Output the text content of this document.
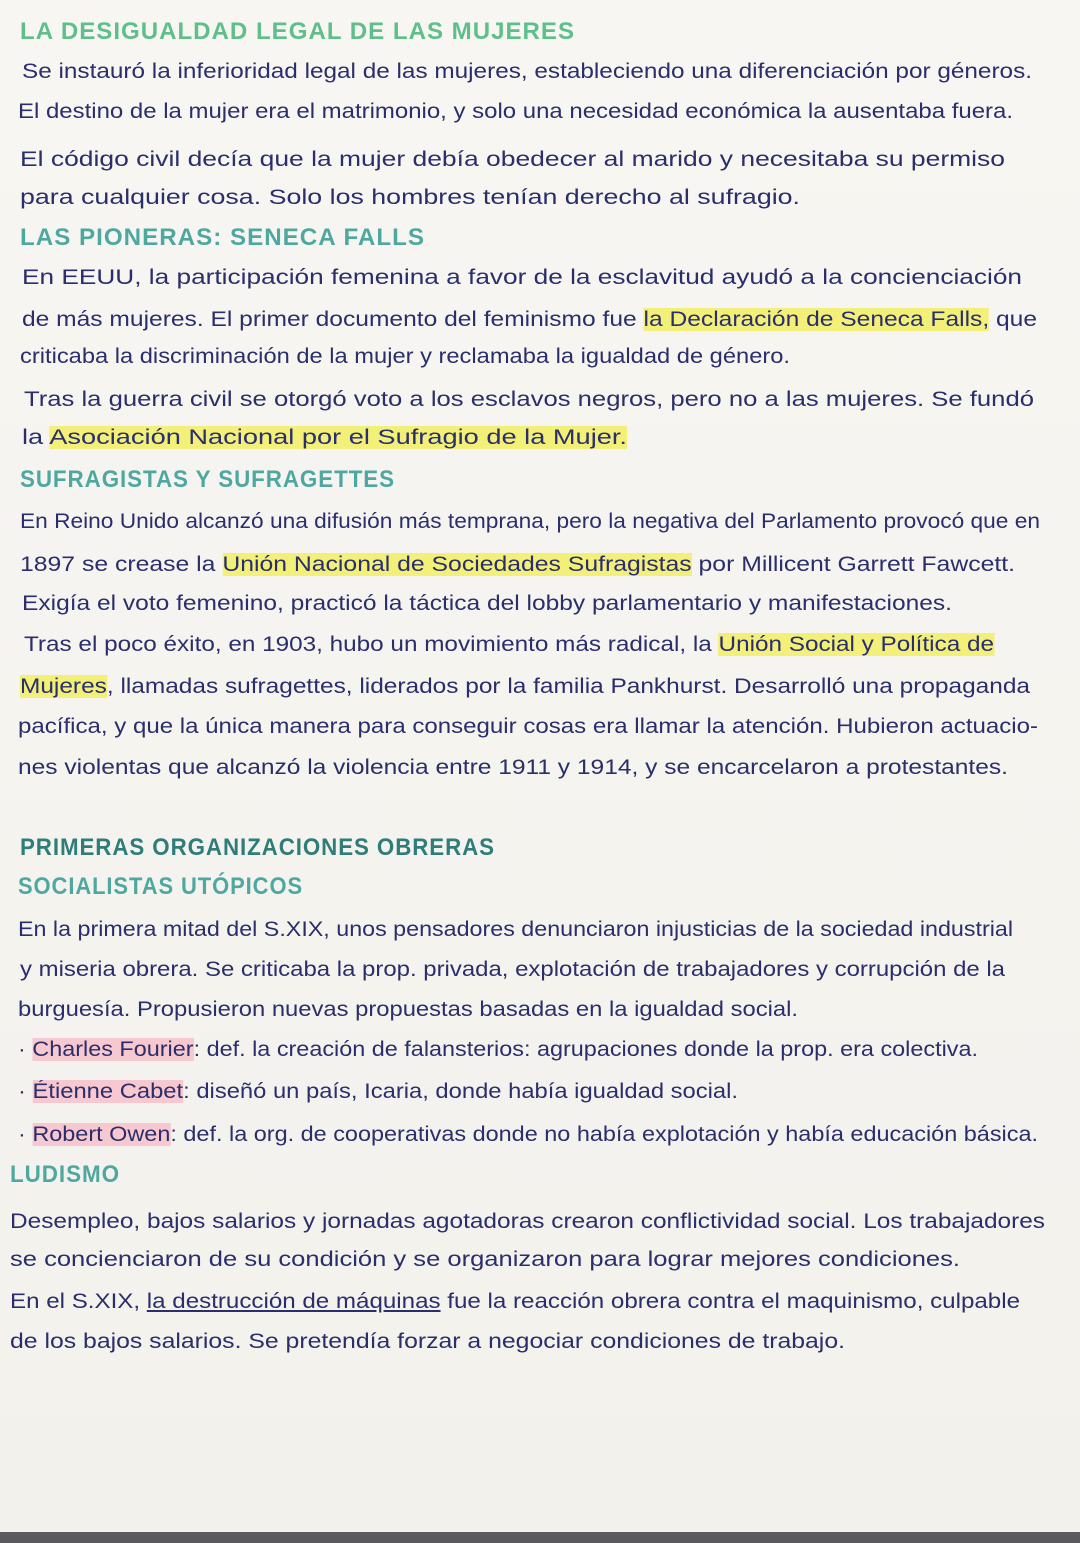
LA DESIGUALDAD LEGAL DE LAS MUJERES
Se instauró la inferioridad legal de las mujeres, estableciendo una diferenciación por géneros.
El destino de la mujer era el matrimonio, y solo una necesidad económica la ausentaba fuera.
El código civil decía que la mujer debía obedecer al marido y necesitaba su permiso
para cualquier cosa. Solo los hombres tenían derecho al sufragio.
LAS PIONERAS: SENECA FALLS
En EEUU, la participación femenina a favor de la esclavitud ayudó a la concienciación
de más mujeres. El primer documento del feminismo fue la Declaración de Seneca Falls, que
criticaba la discriminación de la mujer y reclamaba la igualdad de género.
Tras la guerra civil se otorgó voto a los esclavos negros, pero no a las mujeres. Se fundó
la Asociación Nacional por el Sufragio de la Mujer.
SUFRAGISTAS Y SUFRAGETTES
En Reino Unido alcanzó una difusión más temprana, pero la negativa del Parlamento provocó que en
1897 se crease la Unión Nacional de Sociedades Sufragistas por Millicent Garrett Fawcett.
Exigía el voto femenino, practicó la táctica del lobby parlamentario y manifestaciones.
Tras el poco éxito, en 1903, hubo un movimiento más radical, la Unión Social y Política de
Mujeres, llamadas sufragettes, liderados por la familia Pankhurst. Desarrolló una propaganda
pacífica, y que la única manera para conseguir cosas era llamar la atención. Hubieron actuacio-
nes violentas que alcanzó la violencia entre 1911 y 1914, y se encarcelaron a protestantes.
PRIMERAS ORGANIZACIONES OBRERAS
SOCIALISTAS UTÓPICOS
En la primera mitad del S.XIX, unos pensadores denunciaron injusticias de la sociedad industrial
y miseria obrera. Se criticaba la prop. privada, explotación de trabajadores y corrupción de la
burguesía. Propusieron nuevas propuestas basadas en la igualdad social.
· Charles Fourier: def. la creación de falansterios: agrupaciones donde la prop. era colectiva.
· Étienne Cabet: diseñó un país, Icaria, donde había igualdad social.
· Robert Owen: def. la org. de cooperativas donde no había explotación y había educación básica.
LUDISMO
Desempleo, bajos salarios y jornadas agotadoras crearon conflictividad social. Los trabajadores
se concienciaron de su condición y se organizaron para lograr mejores condiciones.
En el S.XIX, la destrucción de máquinas fue la reacción obrera contra el maquinismo, culpable
de los bajos salarios. Se pretendía forzar a negociar condiciones de trabajo.
